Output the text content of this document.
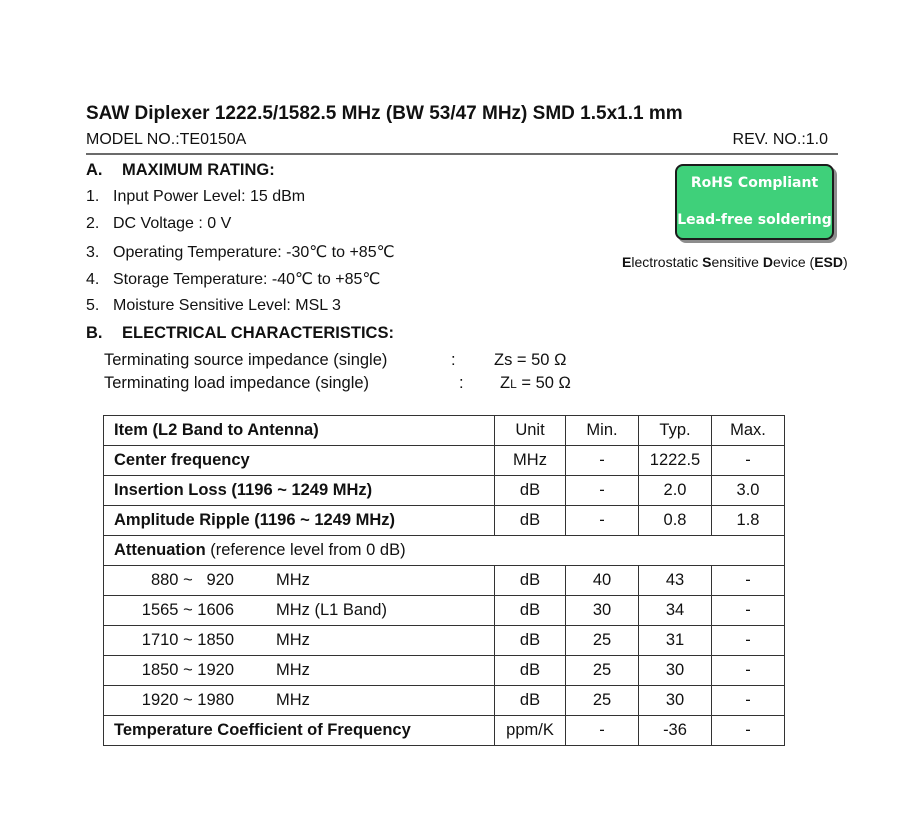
SAW Diplexer 1222.5/1582.5 MHz (BW 53/47 MHz) SMD 1.5x1.1 mm
MODEL NO.:TE0150A	REV. NO.:1.0
A. MAXIMUM RATING:
1. Input Power Level: 15 dBm
2. DC Voltage : 0 V
3. Operating Temperature: -30℃ to +85℃
4. Storage Temperature: -40℃ to +85℃
5. Moisture Sensitive Level: MSL 3
RoHS Compliant
Lead-free soldering
Electrostatic Sensitive Device (ESD)
B. ELECTRICAL CHARACTERISTICS:
Terminating source impedance (single)	: Zs = 50 Ω
Terminating load impedance (single)	: ZL = 50 Ω
Item (L2 Band to Antenna)	Unit	Min.	Typ.	Max.
Center frequency	MHz	-	1222.5	-
Insertion Loss (1196 ~ 1249 MHz)	dB	-	2.0	3.0
Amplitude Ripple (1196 ~ 1249 MHz)	dB	-	0.8	1.8
Attenuation (reference level from 0 dB)				
880 ~   920 MHz	dB	40	43	-
1565 ~ 1606 MHz (L1 Band)	dB	30	34	-
1710 ~ 1850 MHz	dB	25	31	-
1850 ~ 1920 MHz	dB	25	30	-
1920 ~ 1980 MHz	dB	25	30	-
Temperature Coefficient of Frequency	ppm/K	-	-36	-
